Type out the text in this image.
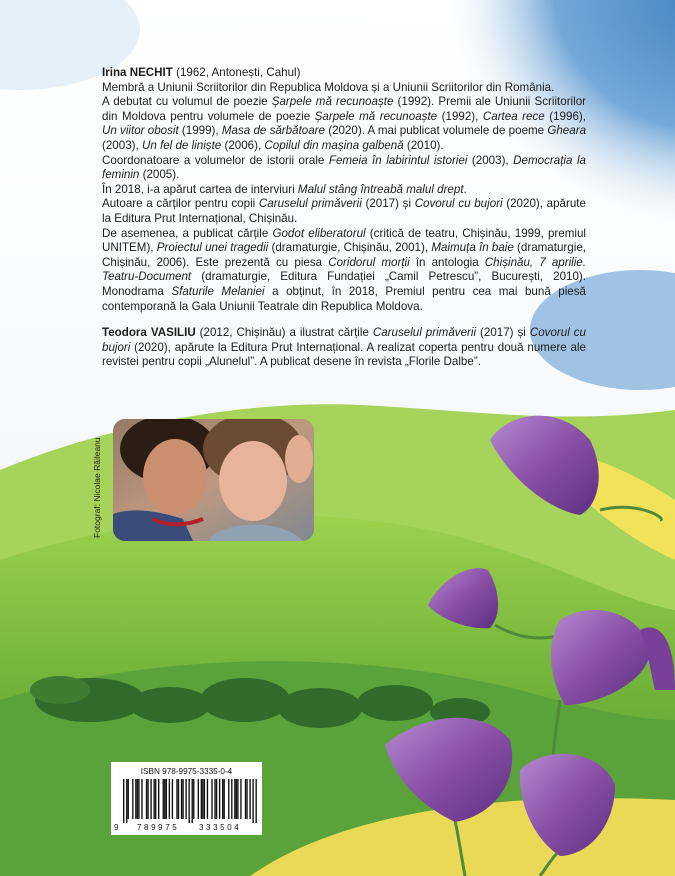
Irina NECHIT (1962, Antonești, Cahul)

Membră a Uniunii Scriitorilor din Republica Moldova și a Uniunii Scriitorilor din România.

A debutat cu volumul de poezie Șarpele mă recunoaște (1992). Premii ale Uniunii Scriitorilor din Moldova pentru volumele de poezie Șarpele mă recunoaște (1992), Cartea rece (1996), Un viitor obosit (1999), Masa de sărbătoare (2020). A mai publicat volumele de poeme Gheara (2003), Un fel de liniște (2006), Copilul din mașina galbenă (2010).

Coordonatoare a volumelor de istorii orale Femeia în labirintul istoriei (2003), Democrația la feminin (2005).

În 2018, i-a apărut cartea de interviuri Malul stâng întreabă malul drept.

Autoare a cărților pentru copii Caruselul primăverii (2017) și Covorul cu bujori (2020), apărute la Editura Prut Internațional, Chișinău.

De asemenea, a publicat cărțile Godot eliberatorul (critică de teatru, Chișinău, 1999, premiul UNITEM), Proiectul unei tragedii (dramaturgie, Chișinău, 2001), Maimuța în baie (dramaturgie, Chișinău, 2006). Este prezentă cu piesa Coridorul morții în antologia Chișinău, 7 aprilie. Teatru-Document (dramaturgie, Editura Fundației „Camil Petrescu”, București, 2010). Monodrama Sfaturile Melaniei a obținut, în 2018, Premiul pentru cea mai bună piesă contemporană la Gala Uniunii Teatrale din Republica Moldova.

Teodora VASILIU (2012, Chișinău) a ilustrat cărțile Caruselul primăverii (2017) și Covorul cu bujori (2020), apărute la Editura Prut Internațional. A realizat coperta pentru două numere ale revistei pentru copii „Alunelul”. A publicat desene în revista „Florile Dalbe”.

Fotograf: Nicolae Răileanu
ISBN 978-9975-3335-0-4
9 789975 333504
